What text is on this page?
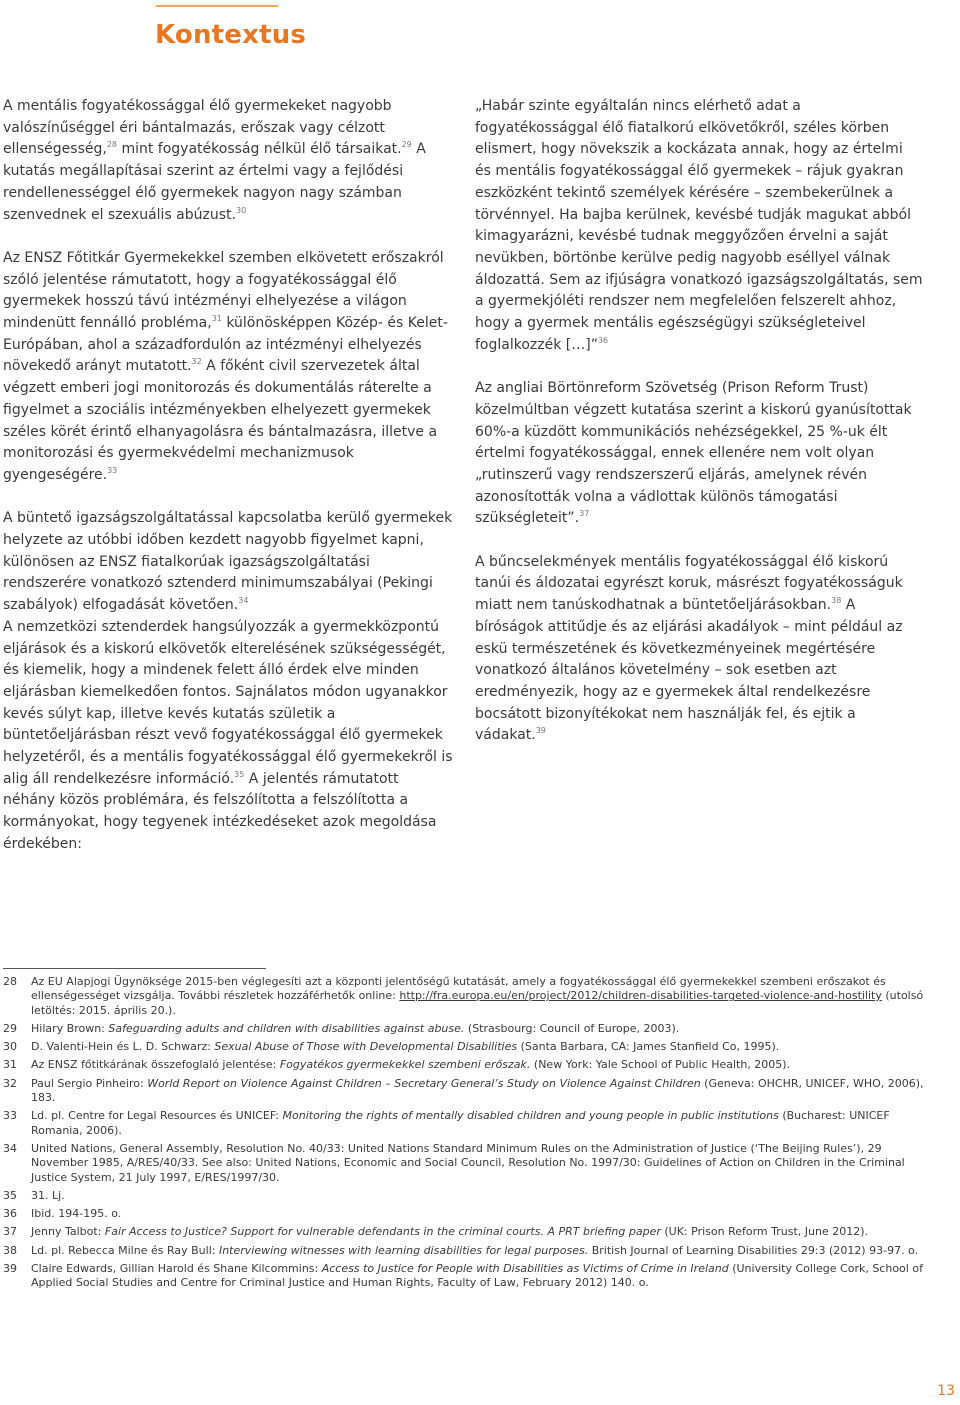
Kontextus

A mentális fogyatékossággal élő gyermekeket nagyobb valószínűséggel éri bántalmazás, erőszak vagy célzott ellenségesség,$^{28}$ mint fogyatékosság nélkül élő társaikat.$^{29}$ A kutatás megállapításai szerint az értelmi vagy a fejlődési rendellenességgel élő gyermekek nagyon nagy számban szenvednek el szexuális abúzust.$^{30}$

Az ENSZ Főtitkár Gyermekekkel szemben elkövetett erőszakról szóló jelentése rámutatott, hogy a fogyatékossággal élő gyermekek hosszú távú intézményi elhelyezése a világon mindenütt fennálló probléma,$^{31}$ különösképpen Közép- és Kelet-Európában, ahol a századfordulón az intézményi elhelyezés növekedő arányt mutatott.$^{32}$ A főként civil szervezetek által végzett emberi jogi monitorozás és dokumentálás ráterelte a figyelmet a szociális intézményekben elhelyezett gyermekek széles körét érintő elhanyagolásra és bántalmazásra, illetve a monitorozási és gyermekvédelmi mechanizmusok gyengeségére.$^{33}$

A büntető igazságszolgáltatással kapcsolatba kerülő gyermekek helyzete az utóbbi időben kezdett nagyobb figyelmet kapni, különösen az ENSZ fiatalkorúak igazságszolgáltatási rendszerére vonatkozó sztenderd minimumszabályai (Pekingi szabályok) elfogadását követően.$^{34}$

A nemzetközi sztenderdek hangsúlyozzák a gyermekközpontú eljárások és a kiskorú elkövetők elterelésének szükségességét, és kiemelik, hogy a mindenek felett álló érdek elve minden eljárásban kiemelkedően fontos. Sajnálatos módon ugyanakkor kevés súlyt kap, illetve kevés kutatás születik a büntetőeljárásban részt vevő fogyatékossággal élő gyermekek helyzetéről, és a mentális fogyatékossággal élő gyermekekről is alig áll rendelkezésre információ.$^{35}$ A jelentés rámutatott néhány közös problémára, és felszólította a felszólította a kormányokat, hogy tegyenek intézkedéseket azok megoldása érdekében:

„Habár szinte egyáltalán nincs elérhető adat a fogyatékossággal élő fiatalkorú elkövetőkről, széles körben elismert, hogy növekszik a kockázata annak, hogy az értelmi és mentális fogyatékossággal élő gyermekek – rájuk gyakran eszközként tekintő személyek kérésére – szembekerülnek a törvénnyel. Ha bajba kerülnek, kevésbé tudják magukat abból kimagyarázni, kevésbé tudnak meggyőzően érvelni a saját nevükben, börtönbe kerülve pedig nagyobb eséllyel válnak áldozattá. Sem az ifjúságra vonatkozó igazságszolgáltatás, sem a gyermekjóléti rendszer nem megfelelően felszerelt ahhoz, hogy a gyermek mentális egészségügyi szükségleteivel foglalkozzék […]”$^{36}$

Az angliai Börtönreform Szövetség (Prison Reform Trust) közelmúltban végzett kutatása szerint a kiskorú gyanúsítottak 60%-a küzdött kommunikációs nehézségekkel, 25 %-uk élt értelmi fogyatékossággal, ennek ellenére nem volt olyan „rutinszerű vagy rendszerszerű eljárás, amelynek révén azonosították volna a vádlottak különös támogatási szükségleteit”.$^{37}$

A bűncselekmények mentális fogyatékossággal élő kiskorú tanúi és áldozatai egyrészt koruk, másrészt fogyatékosságuk miatt nem tanúskodhatnak a büntetőeljárásokban.$^{38}$ A bíróságok attitűdje és az eljárási akadályok – mint például az eskü természetének és következményeinek megértésére vonatkozó általános követelmény – sok esetben azt eredményezik, hogy az e gyermekek által rendelkezésre bocsátott bizonyítékokat nem használják fel, és ejtik a vádakat.$^{39}$

28	Az EU Alapjogi Ügynöksége 2015-ben véglegesíti azt a központi jelentőségű kutatását, amely a fogyatékossággal élő gyermekekkel szembeni erőszakot és ellenségességet vizsgálja. További részletek hozzáférhetők online: http://fra.europa.eu/en/project/2012/children-disabilities-targeted-violence-and-hostility (utolsó letöltés: 2015. április 20.).
29	Hilary Brown: Safeguarding adults and children with disabilities against abuse. (Strasbourg: Council of Europe, 2003).
30	D. Valenti-Hein és L. D. Schwarz: Sexual Abuse of Those with Developmental Disabilities (Santa Barbara, CA: James Stanfield Co, 1995).
31	Az ENSZ főtitkárának összefoglaló jelentése: Fogyatékos gyermekekkel szembeni erőszak. (New York: Yale School of Public Health, 2005).
32	Paul Sergio Pinheiro: World Report on Violence Against Children – Secretary General’s Study on Violence Against Children (Geneva: OHCHR, UNICEF, WHO, 2006), 183.
33	Ld. pl. Centre for Legal Resources és UNICEF: Monitoring the rights of mentally disabled children and young people in public institutions (Bucharest: UNICEF Romania, 2006).
34	United Nations, General Assembly, Resolution No. 40/33: United Nations Standard Minimum Rules on the Administration of Justice (‘The Beijing Rules’), 29 November 1985, A/RES/40/33. See also: United Nations, Economic and Social Council, Resolution No. 1997/30: Guidelines of Action on Children in the Criminal Justice System, 21 July 1997, E/RES/1997/30.
35	31. Lj.
36	Ibid. 194-195. o.
37	Jenny Talbot: Fair Access to Justice? Support for vulnerable defendants in the criminal courts. A PRT briefing paper (UK: Prison Reform Trust, June 2012).
38	Ld. pl. Rebecca Milne és Ray Bull: Interviewing witnesses with learning disabilities for legal purposes. British Journal of Learning Disabilities 29:3 (2012) 93-97. o.
39	Claire Edwards, Gillian Harold és Shane Kilcommins: Access to Justice for People with Disabilities as Victims of Crime in Ireland (University College Cork, School of Applied Social Studies and Centre for Criminal Justice and Human Rights, Faculty of Law, February 2012) 140. o.
13
